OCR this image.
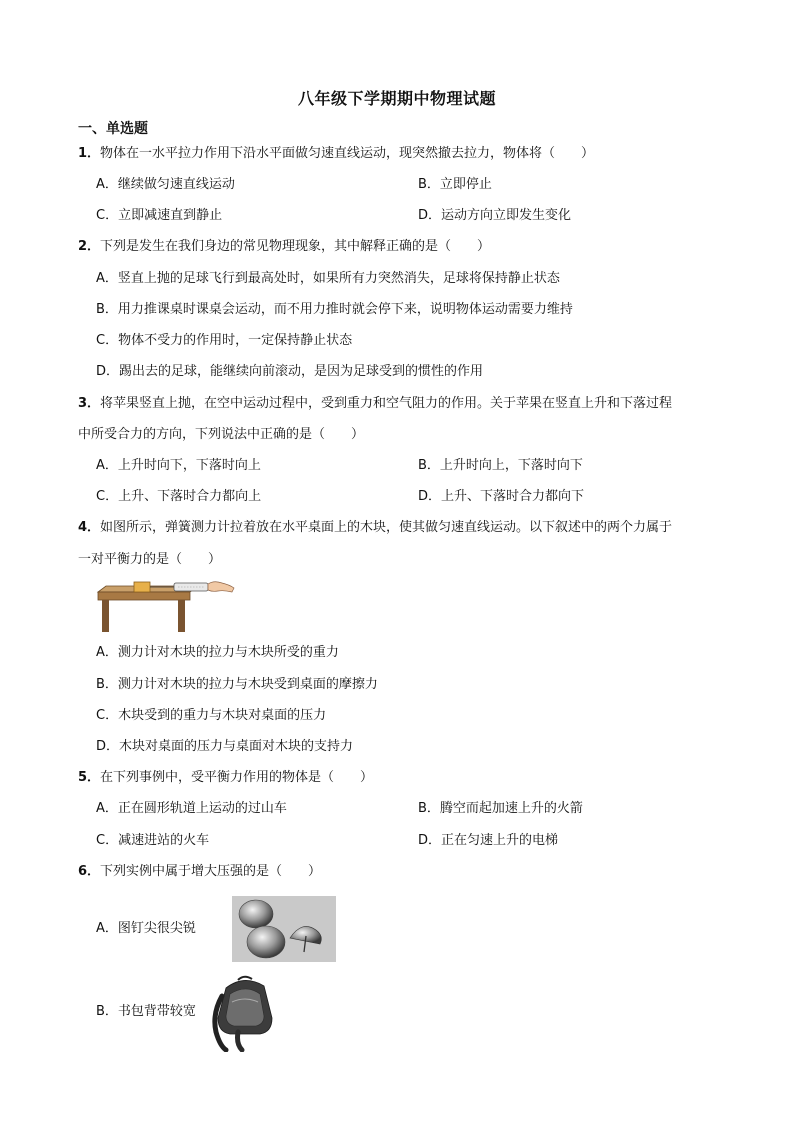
八年级下学期期中物理试题
一、单选题
1．物体在一水平拉力作用下沿水平面做匀速直线运动，现突然撤去拉力，物体将（　　）
A．继续做匀速直线运动	B．立即停止
C．立即减速直到静止	D．运动方向立即发生变化
2．下列是发生在我们身边的常见物理现象，其中解释正确的是（　　）
A．竖直上抛的足球飞行到最高处时，如果所有力突然消失，足球将保持静止状态
B．用力推课桌时课桌会运动，而不用力推时就会停下来，说明物体运动需要力维持
C．物体不受力的作用时，一定保持静止状态
D．踢出去的足球，能继续向前滚动，是因为足球受到的惯性的作用
3．将苹果竖直上抛，在空中运动过程中，受到重力和空气阻力的作用。关于苹果在竖直上升和下落过程
中所受合力的方向，下列说法中正确的是（　　）
A．上升时向下，下落时向上	B．上升时向上，下落时向下
C．上升、下落时合力都向上	D．上升、下落时合力都向下
4．如图所示，弹簧测力计拉着放在水平桌面上的木块，使其做匀速直线运动。以下叙述中的两个力属于
一对平衡力的是（　　）
A．测力计对木块的拉力与木块所受的重力
B．测力计对木块的拉力与木块受到桌面的摩擦力
C．木块受到的重力与木块对桌面的压力
D．木块对桌面的压力与桌面对木块的支持力
5．在下列事例中，受平衡力作用的物体是（　　）
A．正在圆形轨道上运动的过山车	B．腾空而起加速上升的火箭
C．减速进站的火车	D．正在匀速上升的电梯
6．下列实例中属于增大压强的是（　　）
A．图钉尖很尖锐
B．书包背带较宽
